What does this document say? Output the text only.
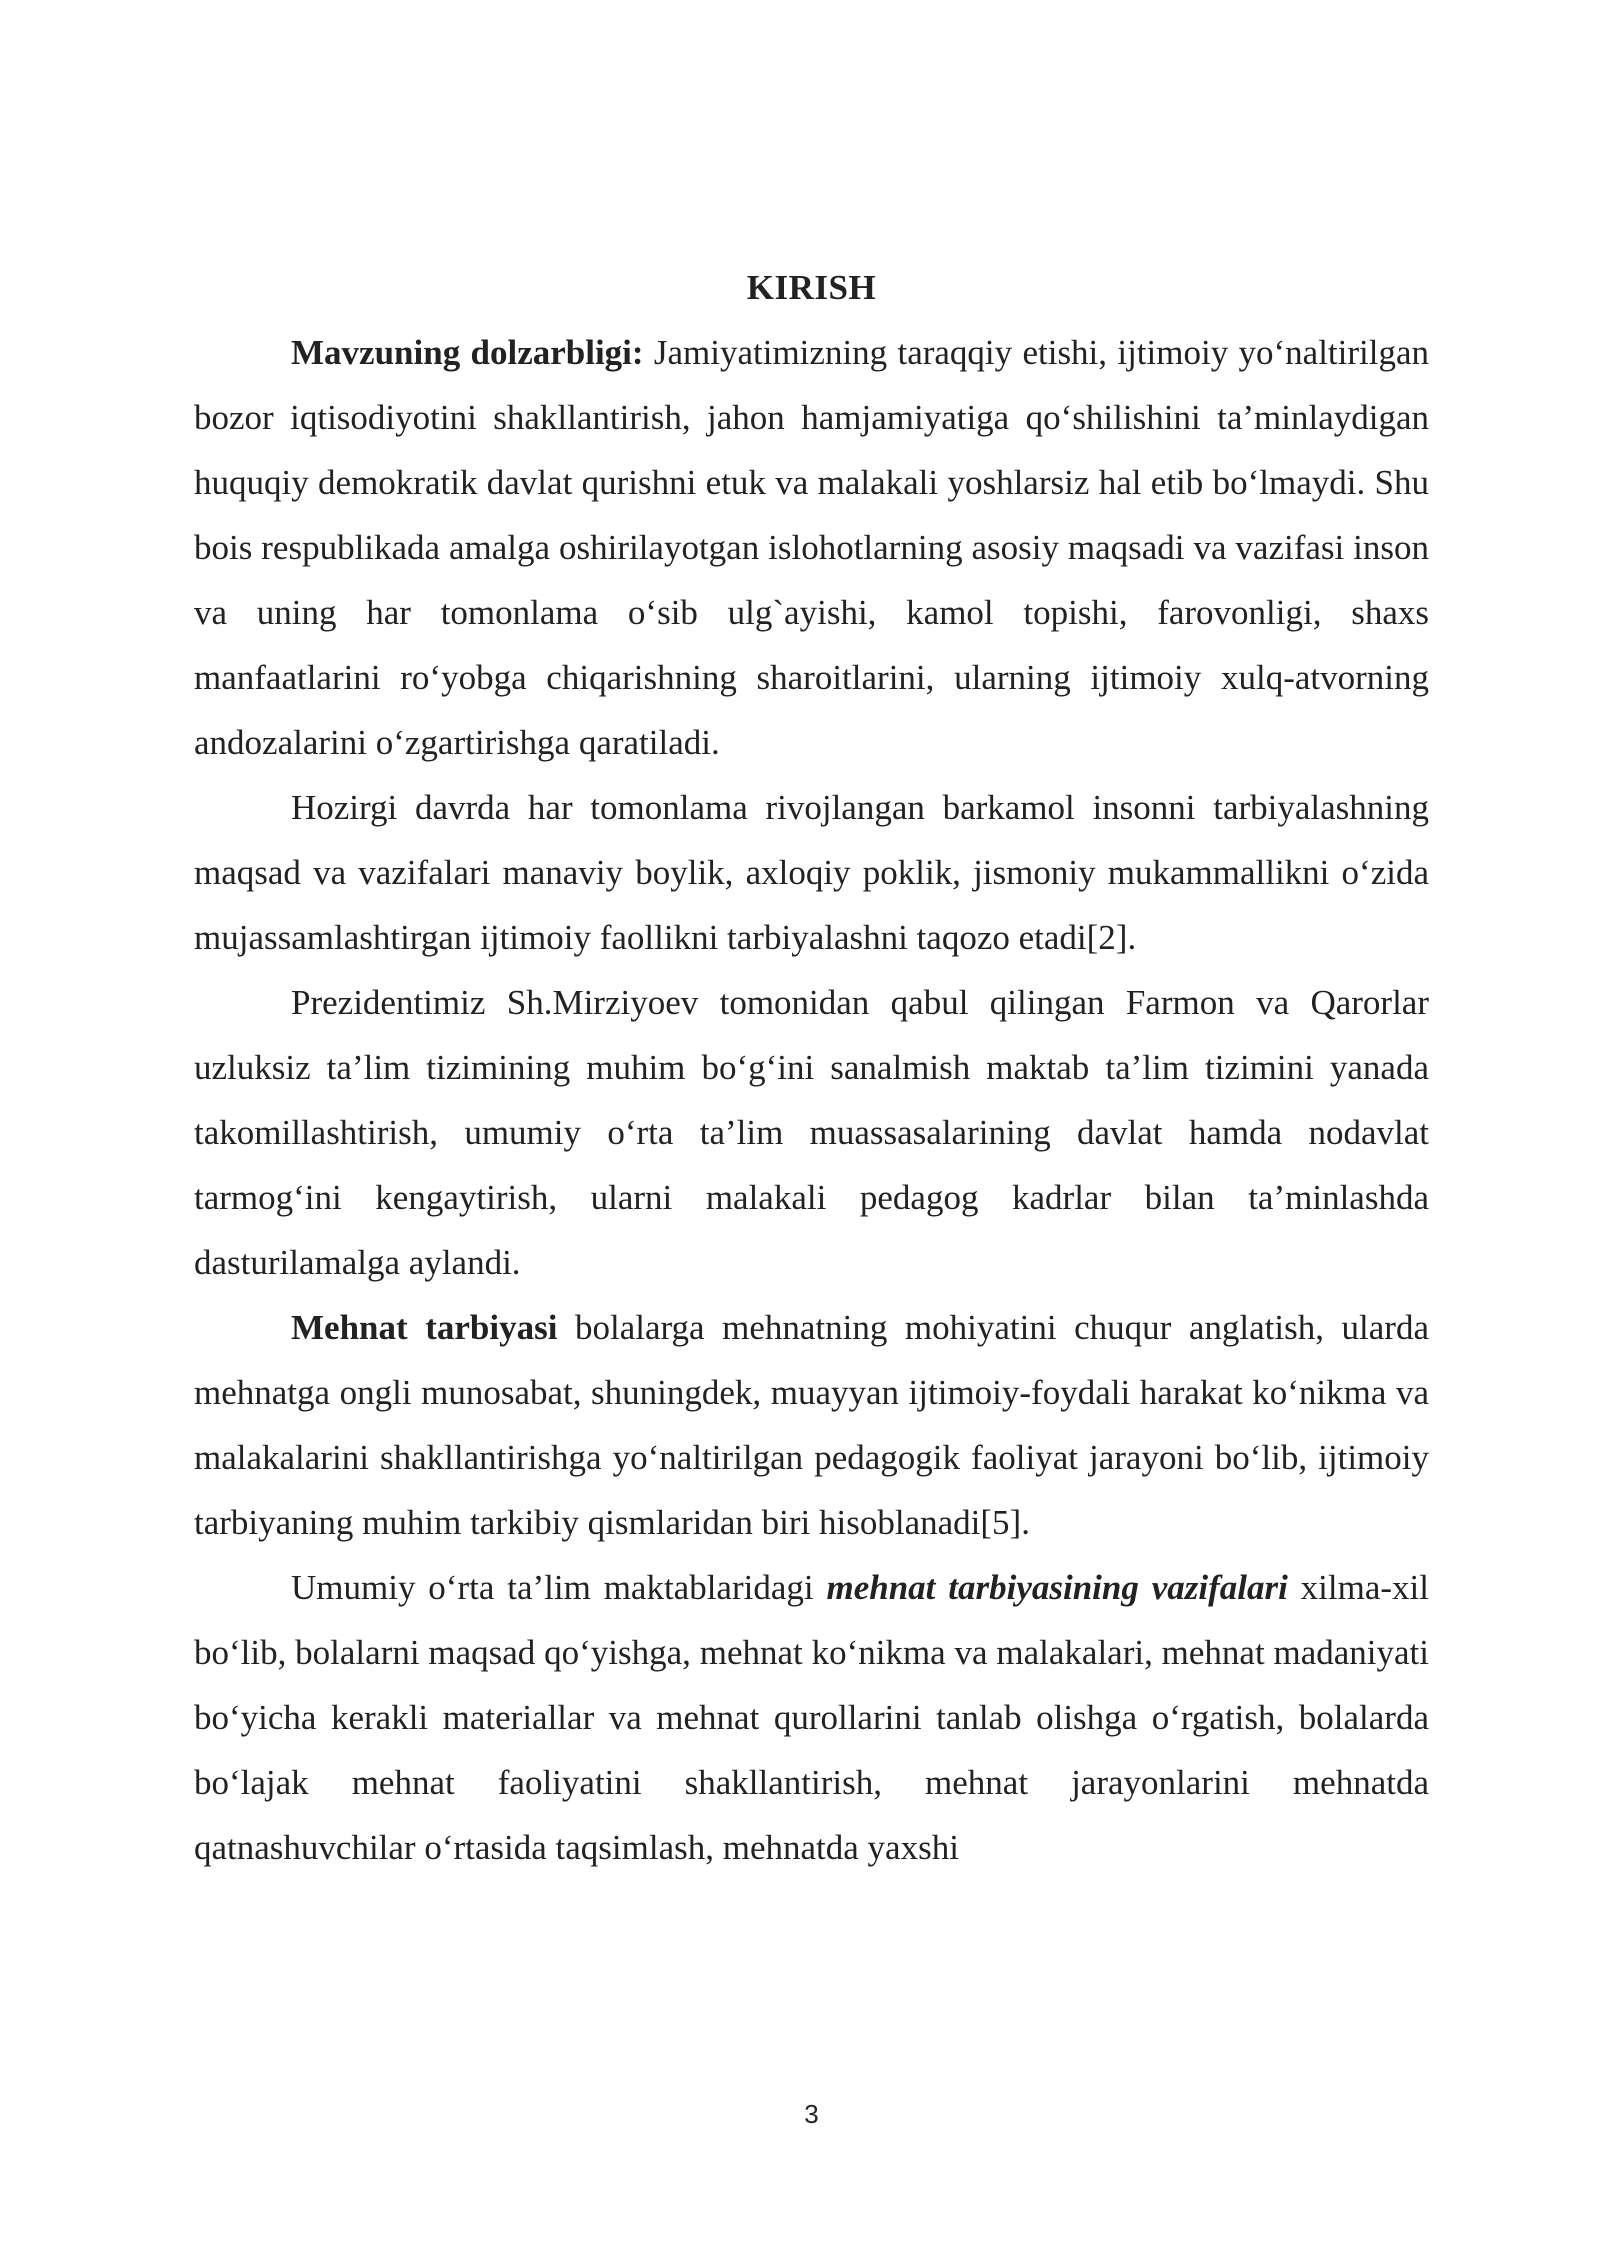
KIRISH

Mavzuning dolzarbligi: Jamiyatimizning taraqqiy etishi, ijtimoiy yo‘naltirilgan bozor iqtisodiyotini shakllantirish, jahon hamjamiyatiga qo‘shilishini ta’minlaydigan huquqiy demokratik davlat qurishni etuk va malakali yoshlarsiz hal etib bo‘lmaydi. Shu bois respublikada amalga oshirilayotgan islohotlarning asosiy maqsadi va vazifasi inson va uning har tomonlama o‘sib ulg`ayishi, kamol topishi, farovonligi, shaxs manfaatlarini ro‘yobga chiqarishning sharoitlarini, ularning ijtimoiy xulq-atvorning andozalarini o‘zgartirishga qaratiladi.

Hozirgi davrda har tomonlama rivojlangan barkamol insonni tarbiyalashning maqsad va vazifalari manaviy boylik, axloqiy poklik, jismoniy mukammallikni o‘zida mujassamlashtirgan ijtimoiy faollikni tarbiyalashni taqozo etadi[2].

Prezidentimiz Sh.Mirziyoev tomonidan qabul qilingan Farmon va Qarorlar uzluksiz ta’lim tizimining muhim bo‘g‘ini sanalmish maktab ta’lim tizimini yanada takomillashtirish, umumiy o‘rta ta’lim muassasalarining davlat hamda nodavlat tarmog‘ini kengaytirish, ularni malakali pedagog kadrlar bilan ta’minlashda dasturilamalga aylandi.

Mehnat tarbiyasi bolalarga mehnatning mohiyatini chuqur anglatish, ularda mehnatga ongli munosabat, shuningdek, muayyan ijtimoiy-foydali harakat ko‘nikma va malakalarini shakllantirishga yo‘naltirilgan pedagogik faoliyat jarayoni bo‘lib, ijtimoiy tarbiyaning muhim tarkibiy qismlaridan biri hisoblanadi[5].

Umumiy o‘rta ta’lim maktablaridagi mehnat tarbiyasining vazifalari xilma-xil bo‘lib, bolalarni maqsad qo‘yishga, mehnat ko‘nikma va malakalari, mehnat madaniyati bo‘yicha kerakli materiallar va mehnat qurollarini tanlab olishga o‘rgatish, bolalarda bo‘lajak mehnat faoliyatini shakllantirish, mehnat jarayonlarini mehnatda qatnashuvchilar o‘rtasida taqsimlash, mehnatda yaxshi

3
